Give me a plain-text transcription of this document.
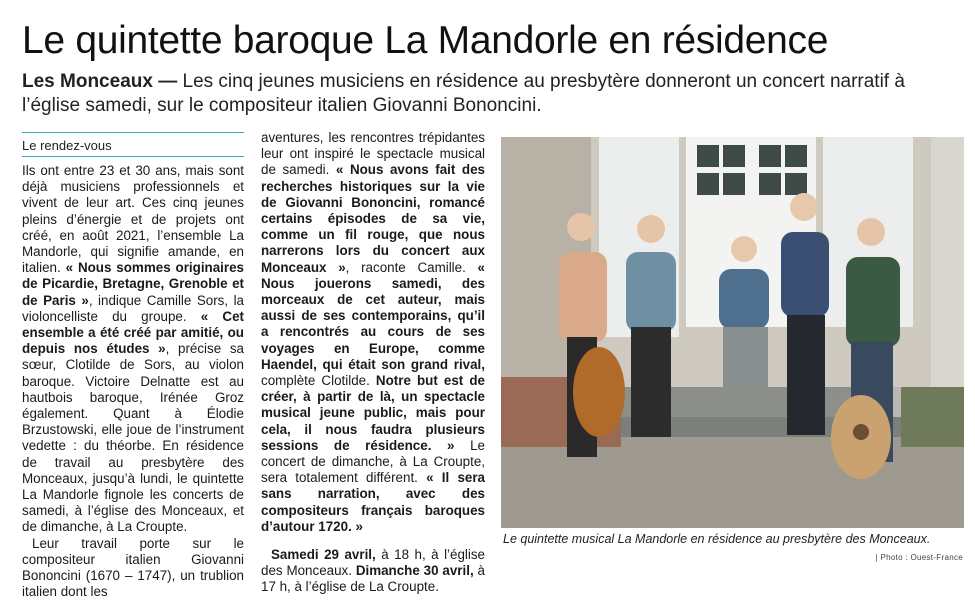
Le quintette baroque La Mandorle en résidence
Les Monceaux — Les cinq jeunes musiciens en résidence au presbytère donneront un concert narratif à l’église samedi, sur le compositeur italien Giovanni Bononcini.
Le rendez-vous

Ils ont entre 23 et 30 ans, mais sont déjà musiciens professionnels et vivent de leur art. Ces cinq jeunes pleins d’énergie et de projets ont créé, en août 2021, l’ensemble La Mandorle, qui signifie amande, en italien. « Nous sommes originaires de Picardie, Bretagne, Grenoble et de Paris », indique Camille Sors, la violoncelliste du groupe. « Cet ensemble a été créé par amitié, ou depuis nos études », précise sa sœur, Clotilde de Sors, au violon baroque. Victoire Delnatte est au hautbois baroque, Irénée Groz également. Quant à Élodie Brzustowski, elle joue de l’instrument vedette : du théorbe. En résidence de travail au presbytère des Monceaux, jusqu’à lundi, le quintette La Mandorle fignole les concerts de samedi, à l’église des Monceaux, et de dimanche, à La Croupte.

Leur travail porte sur le compositeur italien Giovanni Bononcini (1670 – 1747), un trublion italien dont les

aventures, les rencontres trépidantes leur ont inspiré le spectacle musical de samedi. « Nous avons fait des recherches historiques sur la vie de Giovanni Bononcini, romancé certains épisodes de sa vie, comme un fil rouge, que nous narrerons lors du concert aux Monceaux », raconte Camille. « Nous jouerons samedi, des morceaux de cet auteur, mais aussi de ses contemporains, qu’il a rencontrés au cours de ses voyages en Europe, comme Haendel, qui était son grand rival, complète Clotilde. Notre but est de créer, à partir de là, un spectacle musical jeune public, mais pour cela, il nous faudra plusieurs sessions de résidence. » Le concert de dimanche, à La Croupte, sera totalement différent. « Il sera sans narration, avec des compositeurs français baroques d’autour 1720. »

Samedi 29 avril, à 18 h, à l’église des Monceaux. Dimanche 30 avril, à 17 h, à l’église de La Croupte.

Le quintette musical La Mandorle en résidence au presbytère des Monceaux.
| Photo : Ouest-France
